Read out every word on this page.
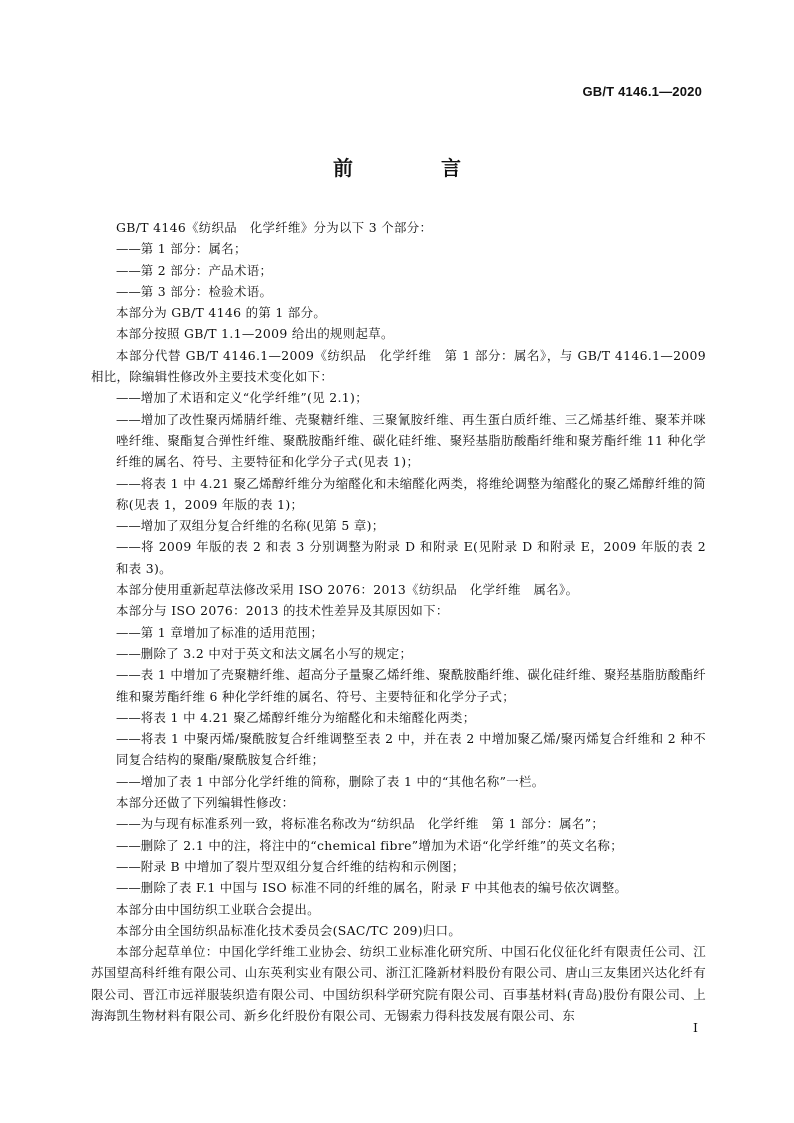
GB/T 4146.1—2020
前　言

GB/T 4146《纺织品　化学纤维》分为以下 3 个部分：

——第 1 部分：属名；

——第 2 部分：产品术语；

——第 3 部分：检验术语。

本部分为 GB/T 4146 的第 1 部分。

本部分按照 GB/T 1.1—2009 给出的规则起草。

本部分代替 GB/T 4146.1—2009《纺织品　化学纤维　第 1 部分：属名》，与 GB/T 4146.1—2009 相比，除编辑性修改外主要技术变化如下：

——增加了术语和定义“化学纤维”(见 2.1)；

——增加了改性聚丙烯腈纤维、壳聚糖纤维、三聚氰胺纤维、再生蛋白质纤维、三乙烯基纤维、聚苯并咪唑纤维、聚酯复合弹性纤维、聚酰胺酯纤维、碳化硅纤维、聚羟基脂肪酸酯纤维和聚芳酯纤维 11 种化学纤维的属名、符号、主要特征和化学分子式(见表 1)；

——将表 1 中 4.21 聚乙烯醇纤维分为缩醛化和未缩醛化两类，将维纶调整为缩醛化的聚乙烯醇纤维的简称(见表 1，2009 年版的表 1)；

——增加了双组分复合纤维的名称(见第 5 章)；

——将 2009 年版的表 2 和表 3 分别调整为附录 D 和附录 E(见附录 D 和附录 E，2009 年版的表 2 和表 3)。

本部分使用重新起草法修改采用 ISO 2076：2013《纺织品　化学纤维　属名》。

本部分与 ISO 2076：2013 的技术性差异及其原因如下：

——第 1 章增加了标准的适用范围；

——删除了 3.2 中对于英文和法文属名小写的规定；

——表 1 中增加了壳聚糖纤维、超高分子量聚乙烯纤维、聚酰胺酯纤维、碳化硅纤维、聚羟基脂肪酸酯纤维和聚芳酯纤维 6 种化学纤维的属名、符号、主要特征和化学分子式；

——将表 1 中 4.21 聚乙烯醇纤维分为缩醛化和未缩醛化两类；

——将表 1 中聚丙烯/聚酰胺复合纤维调整至表 2 中，并在表 2 中增加聚乙烯/聚丙烯复合纤维和 2 种不同复合结构的聚酯/聚酰胺复合纤维；

——增加了表 1 中部分化学纤维的简称，删除了表 1 中的“其他名称”一栏。

本部分还做了下列编辑性修改：

——为与现有标准系列一致，将标准名称改为“纺织品　化学纤维　第 1 部分：属名”；

——删除了 2.1 中的注，将注中的“chemical fibre”增加为术语“化学纤维”的英文名称；

——附录 B 中增加了裂片型双组分复合纤维的结构和示例图；

——删除了表 F.1 中国与 ISO 标准不同的纤维的属名，附录 F 中其他表的编号依次调整。

本部分由中国纺织工业联合会提出。

本部分由全国纺织品标准化技术委员会(SAC/TC 209)归口。

本部分起草单位：中国化学纤维工业协会、纺织工业标准化研究所、中国石化仪征化纤有限责任公司、江苏国望高科纤维有限公司、山东英利实业有限公司、浙江汇隆新材料股份有限公司、唐山三友集团兴达化纤有限公司、晋江市远祥服装织造有限公司、中国纺织科学研究院有限公司、百事基材料(青岛)股份有限公司、上海海凯生物材料有限公司、新乡化纤股份有限公司、无锡索力得科技发展有限公司、东

I
